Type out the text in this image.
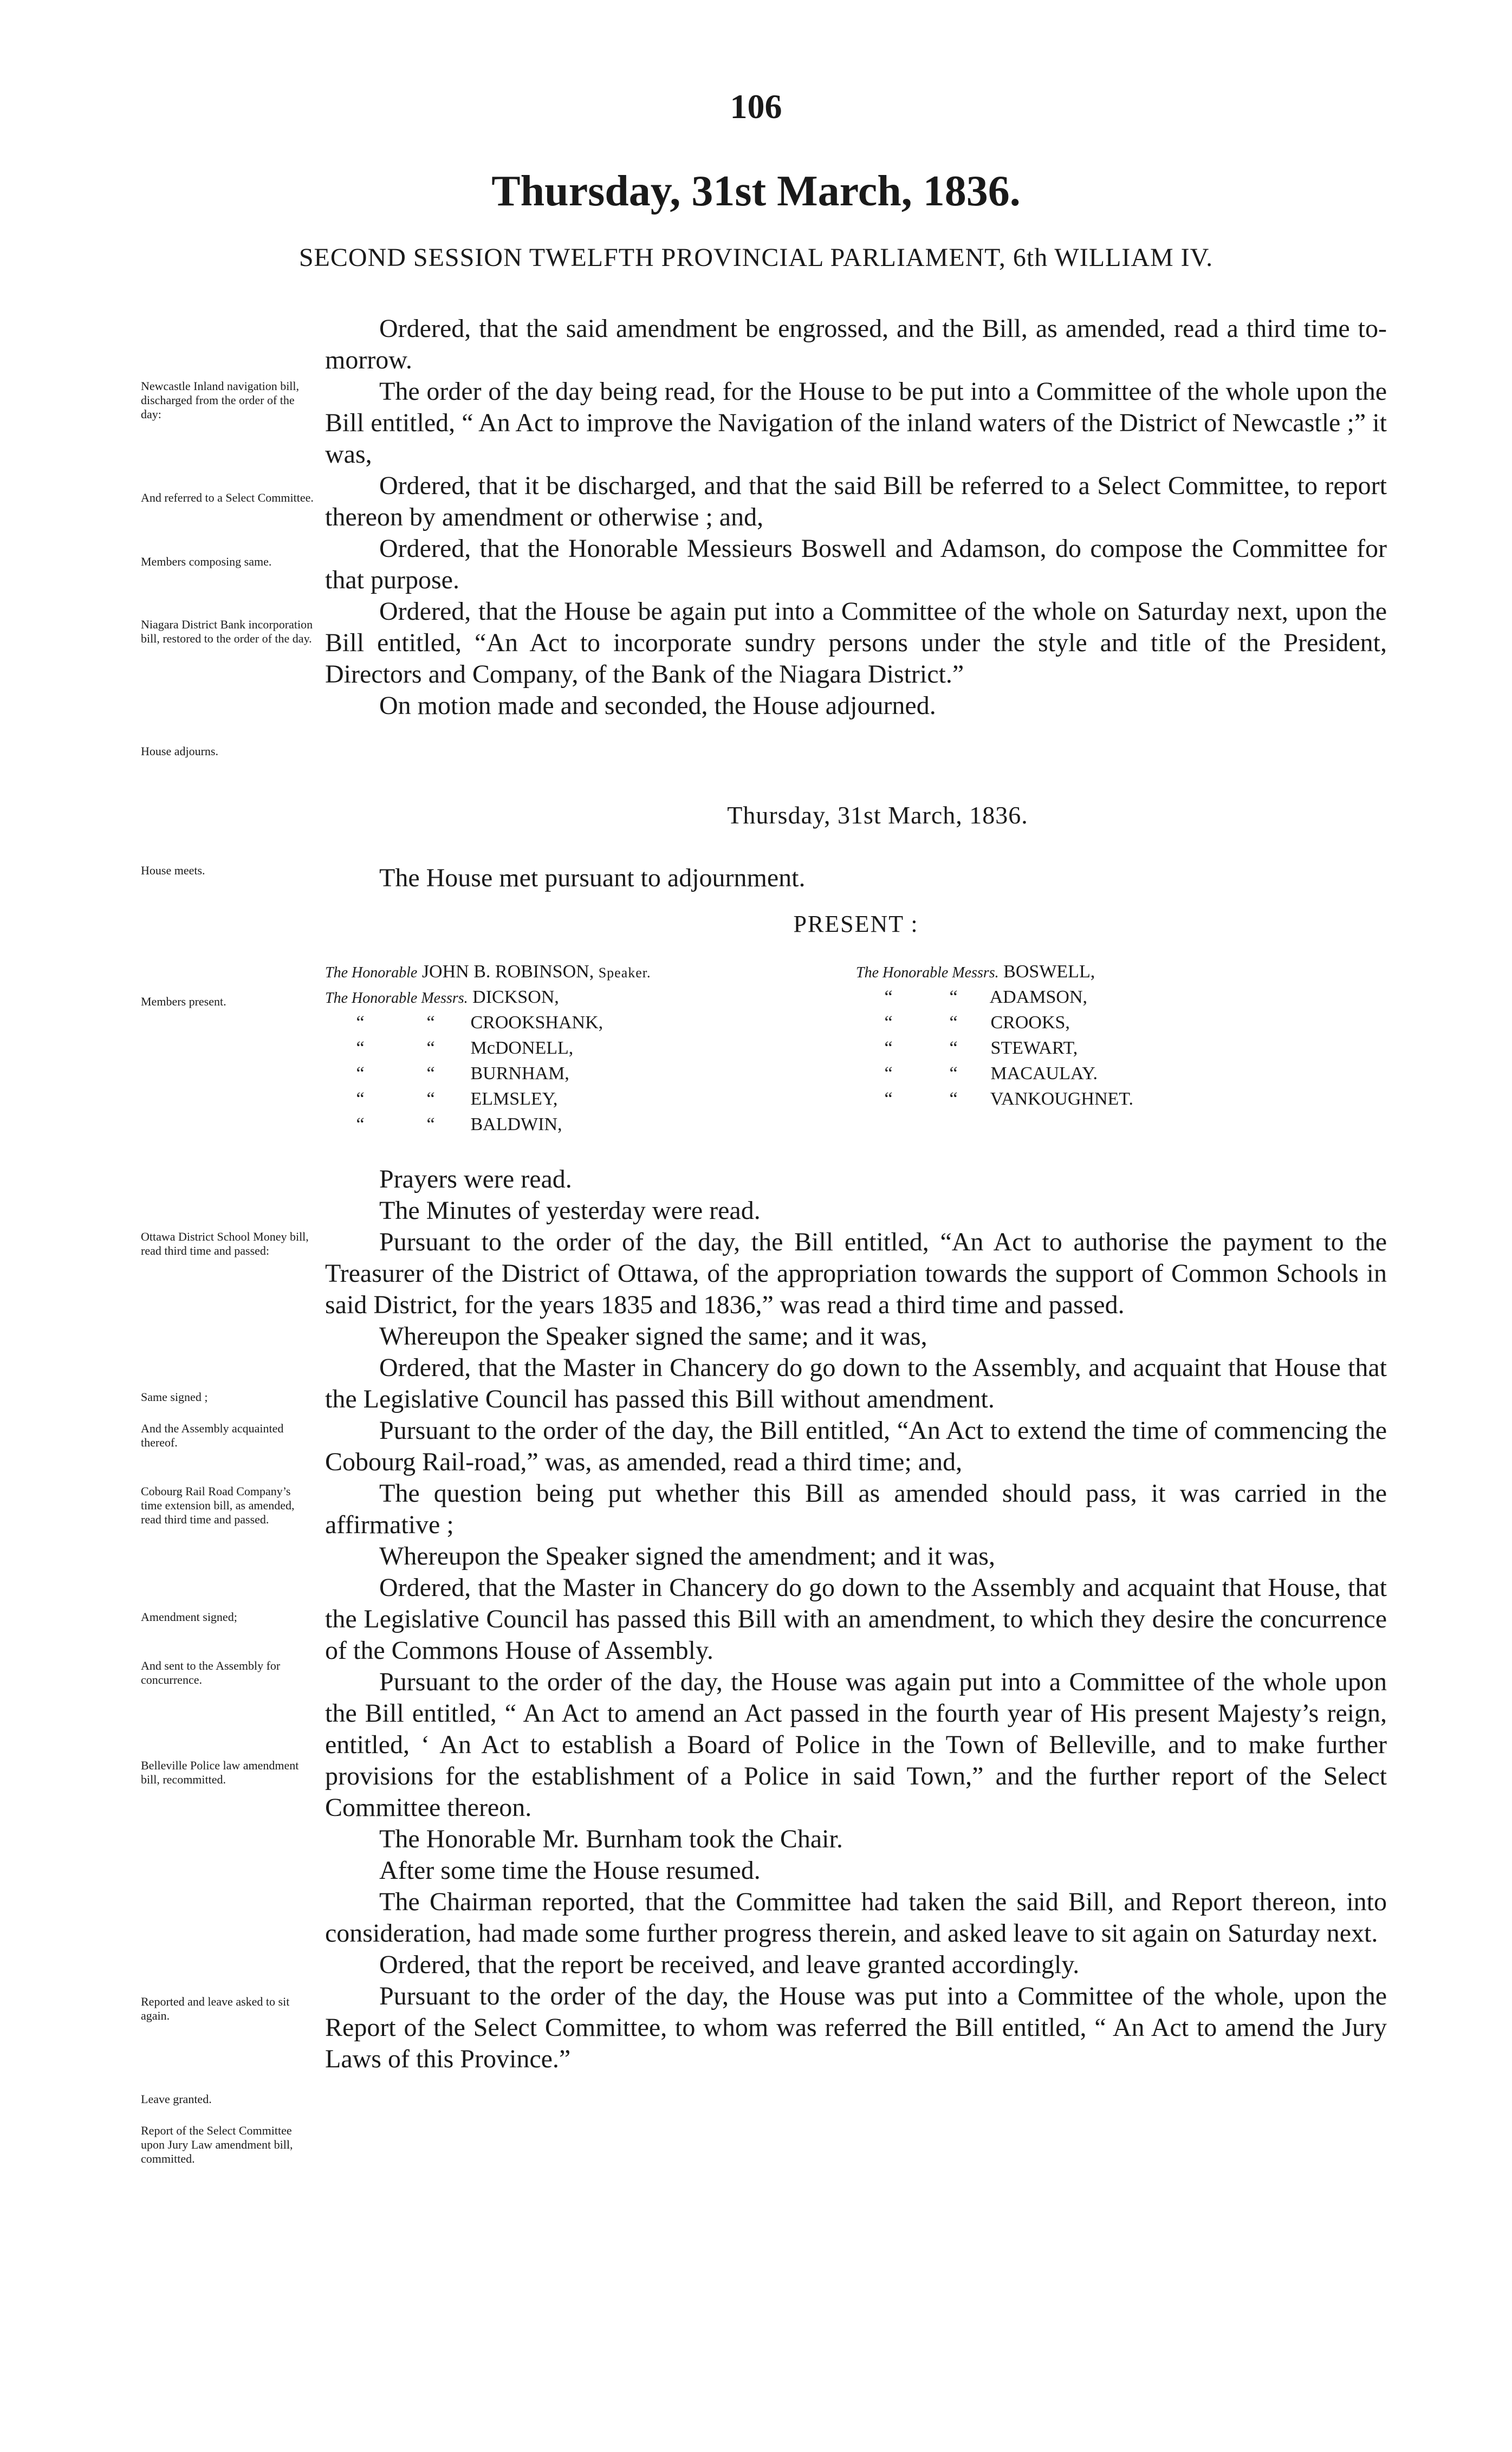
106
Thursday, 31st March, 1836.
SECOND SESSION TWELFTH PROVINCIAL PARLIAMENT, 6th WILLIAM IV.

Ordered, that the said amendment be engrossed, and the Bill, as amended, read a third time to-morrow.

The order of the day being read, for the House to be put into a Committee of the whole upon the Bill entitled, “ An Act to improve the Navigation of the inland waters of the District of Newcastle ;” it was,

Ordered, that it be discharged, and that the said Bill be referred to a Select Committee, to report thereon by amendment or otherwise ; and,

Ordered, that the Honorable Messieurs Boswell and Adamson, do compose the Committee for that purpose.

Ordered, that the House be again put into a Committee of the whole on Saturday next, upon the Bill entitled, “An Act to incorporate sundry persons under the style and title of the President, Directors and Company, of the Bank of the Niagara District.”

On motion made and seconded, the House adjourned.

Newcastle Inland navigation bill, discharged from the order of the day:
And referred to a Select Committee.
Members composing same.
Niagara District Bank incorporation bill, restored to the order of the day.
House adjourns.
Thursday, 31st March, 1836.
House meets.	The House met pursuant to adjournment.

PRESENT :
Members present.
The Honorable JOHN B. ROBINSON, Speaker.
The Honorable Messrs. DICKSON,
“	“ CROOKSHANK,
“	“ McDONELL,
“	“ BURNHAM,
“	“ ELMSLEY,
“	“ BALDWIN,
The Honorable Messrs. BOSWELL,
“	“ ADAMSON,
“	“ CROOKS,
“	“ STEWART,
“	“ MACAULAY.
“	“ VANKOUGHNET.

Prayers were read.

The Minutes of yesterday were read.

Pursuant to the order of the day, the Bill entitled, “An Act to authorise the payment to the Treasurer of the District of Ottawa, of the appropriation towards the support of Common Schools in said District, for the years 1835 and 1836,” was read a third time and passed.

Whereupon the Speaker signed the same; and it was,

Ordered, that the Master in Chancery do go down to the Assembly, and acquaint that House that the Legislative Council has passed this Bill without amendment.

Pursuant to the order of the day, the Bill entitled, “An Act to extend the time of commencing the Cobourg Rail-road,” was, as amended, read a third time; and,

The question being put whether this Bill as amended should pass, it was carried in the affirmative ;

Whereupon the Speaker signed the amendment; and it was,

Ordered, that the Master in Chancery do go down to the Assembly and acquaint that House, that the Legislative Council has passed this Bill with an amendment, to which they desire the concurrence of the Commons House of Assembly.

Pursuant to the order of the day, the House was again put into a Committee of the whole upon the Bill entitled, “ An Act to amend an Act passed in the fourth year of His present Majesty’s reign, entitled, ‘ An Act to establish a Board of Police in the Town of Belleville, and to make further provisions for the establishment of a Police in said Town,” and the further report of the Select Committee thereon.

The Honorable Mr. Burnham took the Chair.

After some time the House resumed.

The Chairman reported, that the Committee had taken the said Bill, and Report thereon, into consideration, had made some further progress therein, and asked leave to sit again on Saturday next.

Ordered, that the report be received, and leave granted accordingly.

Pursuant to the order of the day, the House was put into a Committee of the whole, upon the Report of the Select Committee, to whom was referred the Bill entitled, “ An Act to amend the Jury Laws of this Province.”

Ottawa District School Money bill, read third time and passed:
Same signed ;
And the Assembly acquainted thereof.
Cobourg Rail Road Company’s time extension bill, as amended, read third time and passed.
Amendment signed;
And sent to the Assembly for concurrence.
Belleville Police law amendment bill, recommitted.
Reported and leave asked to sit again.
Leave granted.
Report of the Select Committee upon Jury Law amendment bill, committed.
